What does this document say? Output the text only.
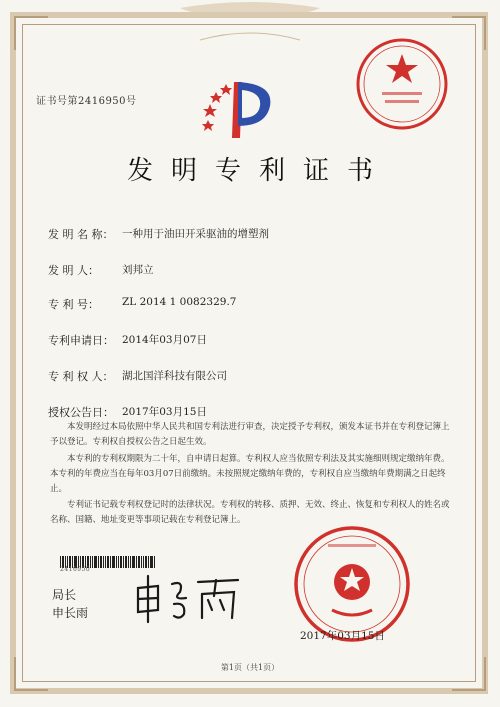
证书号第2416950号
发明专利证书
发 明 名 称： 一种用于油田开采驱油的增塑剂
发 明 人： 刘邦立
专 利 号： ZL 2014 1 0082329.7
专利申请日： 2014年03月07日
专 利 权 人： 湖北国洋科技有限公司
授权公告日： 2017年03月15日
本发明经过本局依照中华人民共和国专利法进行审查，决定授予专利权，颁发本证书并在专利登记簿上予以登记。专利权自授权公告之日起生效。
本专利的专利权期限为二十年，自申请日起算。专利权人应当依照专利法及其实施细则规定缴纳年费。本专利的年费应当在每年03月07日前缴纳。未按照规定缴纳年费的，专利权自应当缴纳年费期满之日起终止。
专利证书记载专利权登记时的法律状况。专利权的转移、质押、无效、终止、恢复和专利权人的姓名或名称、国籍、地址变更等事项记载在专利登记簿上。
2416950
局长
申长雨
2017年03月15日
第1页（共1页）
